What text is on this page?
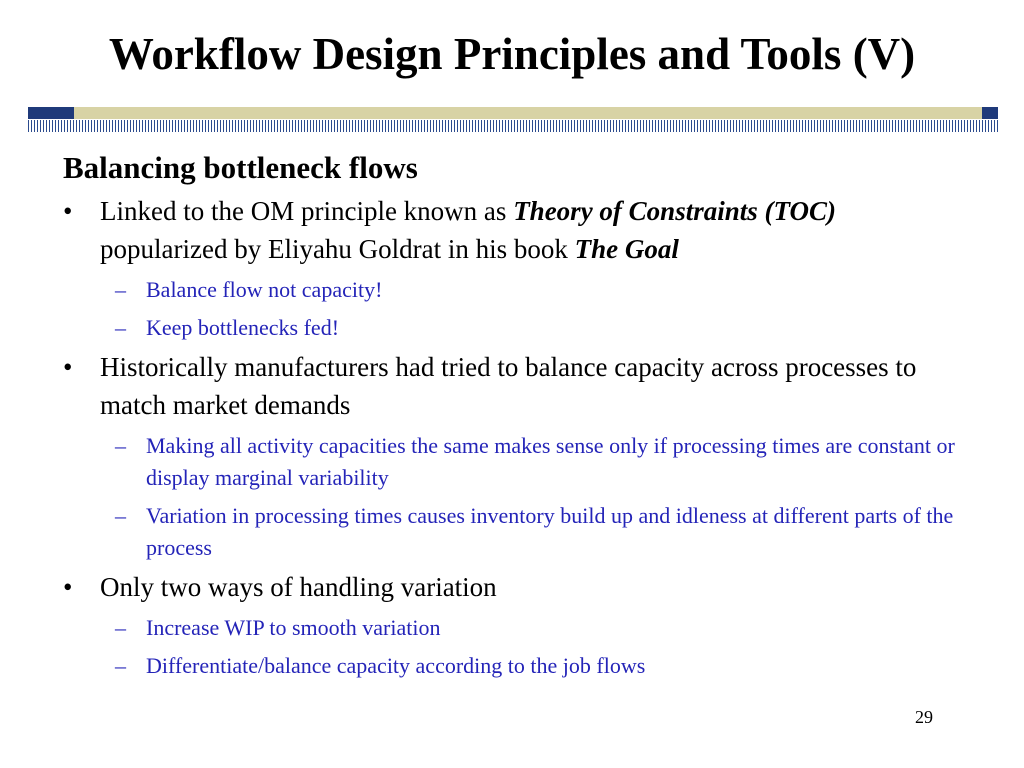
Workflow Design Principles and Tools (V)
Balancing bottleneck flows
•	Linked to the OM principle known as Theory of Constraints (TOC) popularized by Eliyahu Goldrat in his book The Goal
– Balance flow not capacity!
– Keep bottlenecks fed!
•	Historically manufacturers had tried to balance capacity across processes to match market demands
– Making all activity capacities the same makes sense only if processing times are constant or display marginal variability
– Variation in processing times causes inventory build up and idleness at different parts of the process
•	Only two ways of handling variation
– Increase WIP to smooth variation
– Differentiate/balance capacity according to the job flows
29
